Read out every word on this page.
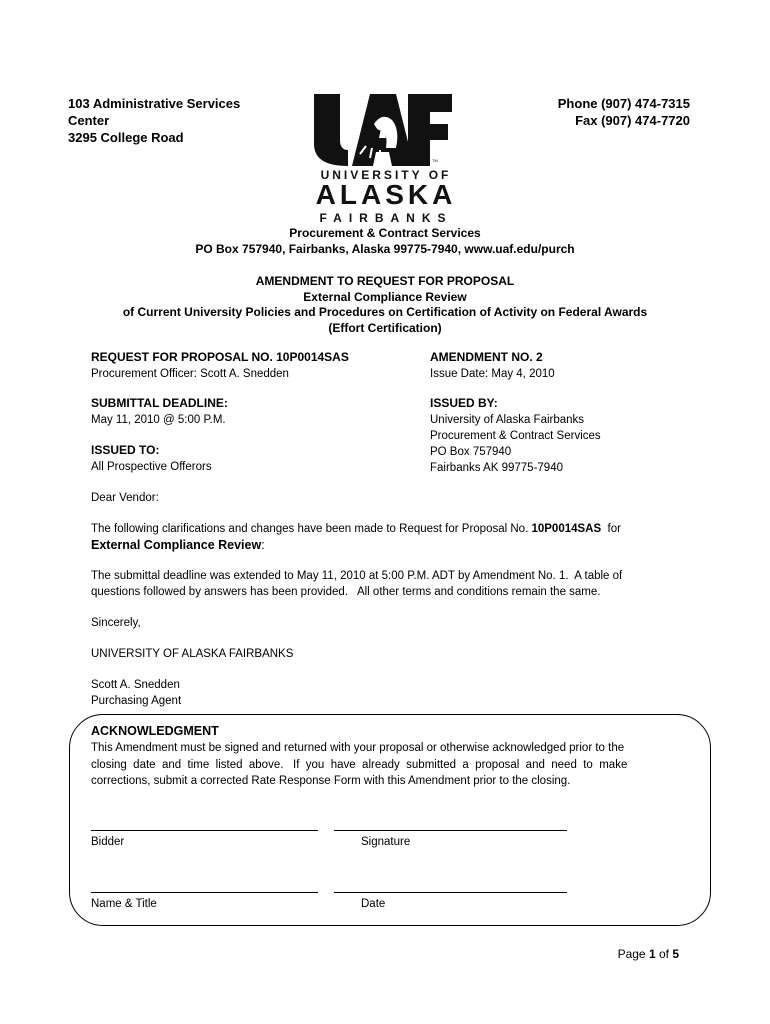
103 Administrative Services
Center
3295 College Road
Phone (907) 474-7315
Fax (907) 474-7720
TM
UNIVERSITY OF
ALASKA
FAIRBANKS
Procurement & Contract Services
PO Box 757940, Fairbanks, Alaska 99775-7940, www.uaf.edu/purch
AMENDMENT TO REQUEST FOR PROPOSAL
External Compliance Review
of Current University Policies and Procedures on Certification of Activity on Federal Awards
(Effort Certification)
REQUEST FOR PROPOSAL NO. 10P0014SAS
Procurement Officer: Scott A. Snedden
AMENDMENT NO. 2
Issue Date: May 4, 2010
SUBMITTAL DEADLINE:
May 11, 2010 @ 5:00 P.M.
ISSUED BY:
University of Alaska Fairbanks
Procurement & Contract Services
PO Box 757940
Fairbanks AK 99775-7940
ISSUED TO:
All Prospective Offerors
Dear Vendor:
The following clarifications and changes have been made to Request for Proposal No. 10P0014SAS  for
External Compliance Review:
The submittal deadline was extended to May 11, 2010 at 5:00 P.M. ADT by Amendment No. 1.  A table of
questions followed by answers has been provided.   All other terms and conditions remain the same.
Sincerely,
UNIVERSITY OF ALASKA FAIRBANKS
Scott A. Snedden
Purchasing Agent
ACKNOWLEDGMENT
This Amendment must be signed and returned with your proposal or otherwise acknowledged prior to the
closing  date  and  time  listed  above.   If  you  have  already  submitted  a  proposal  and  need  to  make
corrections, submit a corrected Rate Response Form with this Amendment prior to the closing.
Bidder	Signature
Name & Title	Date
Page 1 of 5
